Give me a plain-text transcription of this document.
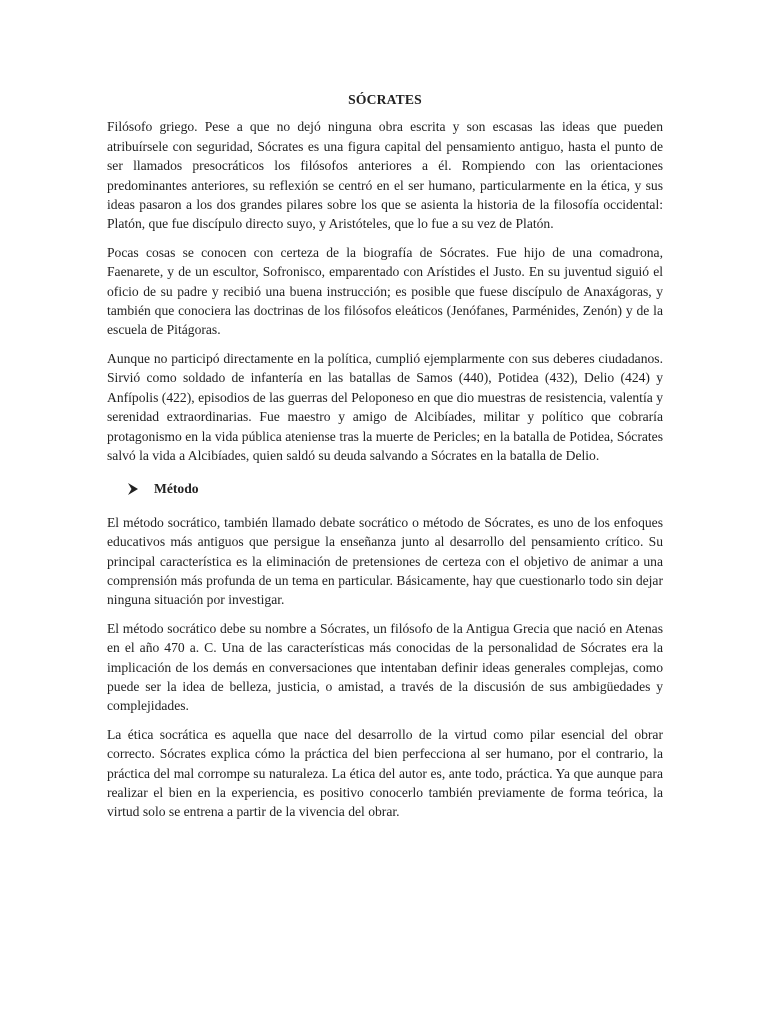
SÓCRATES

Filósofo griego. Pese a que no dejó ninguna obra escrita y son escasas las ideas que pueden atribuírsele con seguridad, Sócrates es una figura capital del pensamiento antiguo, hasta el punto de ser llamados presocráticos los filósofos anteriores a él. Rompiendo con las orientaciones predominantes anteriores, su reflexión se centró en el ser humano, particularmente en la ética, y sus ideas pasaron a los dos grandes pilares sobre los que se asienta la historia de la filosofía occidental: Platón, que fue discípulo directo suyo, y Aristóteles, que lo fue a su vez de Platón.

Pocas cosas se conocen con certeza de la biografía de Sócrates. Fue hijo de una comadrona, Faenarete, y de un escultor, Sofronisco, emparentado con Arístides el Justo. En su juventud siguió el oficio de su padre y recibió una buena instrucción; es posible que fuese discípulo de Anaxágoras, y también que conociera las doctrinas de los filósofos eleáticos (Jenófanes, Parménides, Zenón) y de la escuela de Pitágoras.

Aunque no participó directamente en la política, cumplió ejemplarmente con sus deberes ciudadanos. Sirvió como soldado de infantería en las batallas de Samos (440), Potidea (432), Delio (424) y Anfípolis (422), episodios de las guerras del Peloponeso en que dio muestras de resistencia, valentía y serenidad extraordinarias. Fue maestro y amigo de Alcibíades, militar y político que cobraría protagonismo en la vida pública ateniense tras la muerte de Pericles; en la batalla de Potidea, Sócrates salvó la vida a Alcibíades, quien saldó su deuda salvando a Sócrates en la batalla de Delio.

Método

El método socrático, también llamado debate socrático o método de Sócrates, es uno de los enfoques educativos más antiguos que persigue la enseñanza junto al desarrollo del pensamiento crítico. Su principal característica es la eliminación de pretensiones de certeza con el objetivo de animar a una comprensión más profunda de un tema en particular. Básicamente, hay que cuestionarlo todo sin dejar ninguna situación por investigar.

El método socrático debe su nombre a Sócrates, un filósofo de la Antigua Grecia que nació en Atenas en el año 470 a. C. Una de las características más conocidas de la personalidad de Sócrates era la implicación de los demás en conversaciones que intentaban definir ideas generales complejas, como puede ser la idea de belleza, justicia, o amistad, a través de la discusión de sus ambigüedades y complejidades.

La ética socrática es aquella que nace del desarrollo de la virtud como pilar esencial del obrar correcto. Sócrates explica cómo la práctica del bien perfecciona al ser humano, por el contrario, la práctica del mal corrompe su naturaleza. La ética del autor es, ante todo, práctica. Ya que aunque para realizar el bien en la experiencia, es positivo conocerlo también previamente de forma teórica, la virtud solo se entrena a partir de la vivencia del obrar.
